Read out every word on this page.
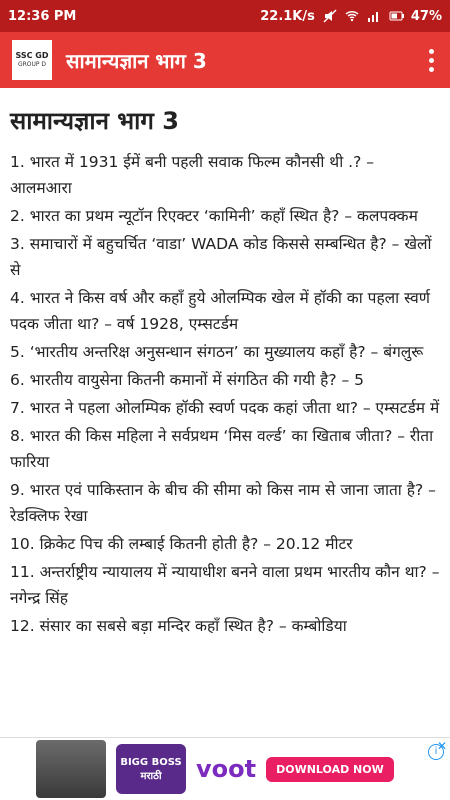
12:36 PM	22.1K/s	47%
SSC GD
GROUP D सामान्यज्ञान भाग 3
सामान्यज्ञान भाग 3

1. भारत में 1931 ईमें बनी पहली सवाक फिल्म कौनसी थी .? – आलमआरा

2. भारत का प्रथम न्यूटॉन रिएक्टर ‘कामिनी’ कहाँ स्थित है? – कलपक्कम

3. समाचारों में बहुचर्चित ‘वाडा’ WADA कोड किससे सम्बन्धित है? – खेलों से

4. भारत ने किस वर्ष और कहाँ हुये ओलम्पिक खेल में हॉकी का पहला स्वर्ण पदक जीता था? – वर्ष 1928, एम्सटर्डम

5. ‘भारतीय अन्तरिक्ष अनुसन्धान संगठन’ का मुख्यालय कहाँ है? – बंगलुरू

6. भारतीय वायुसेना कितनी कमानों में संगठित की गयी है? – 5

7. भारत ने पहला ओलम्पिक हॉकी स्वर्ण पदक कहां जीता था? – एम्सटर्डम में

8. भारत की किस महिला ने सर्वप्रथम ‘मिस वर्ल्ड’ का खिताब जीता? – रीता फारिया

9. भारत एवं पाकिस्तान के बीच की सीमा को किस नाम से जाना जाता है? – रेडक्लिफ रेखा

10. क्रिकेट पिच की लम्बाई कितनी होती है? – 20.12 मीटर

11. अन्तर्राष्ट्रीय न्यायालय में न्यायाधीश बनने वाला प्रथम भारतीय कौन था? – नगेन्द्र सिंह

12. संसार का सबसे बड़ा मन्दिर कहाँ स्थित है? – कम्बोडिया

BIGG BOSS
मराठी voot	DOWNLOAD NOW
i ✕
